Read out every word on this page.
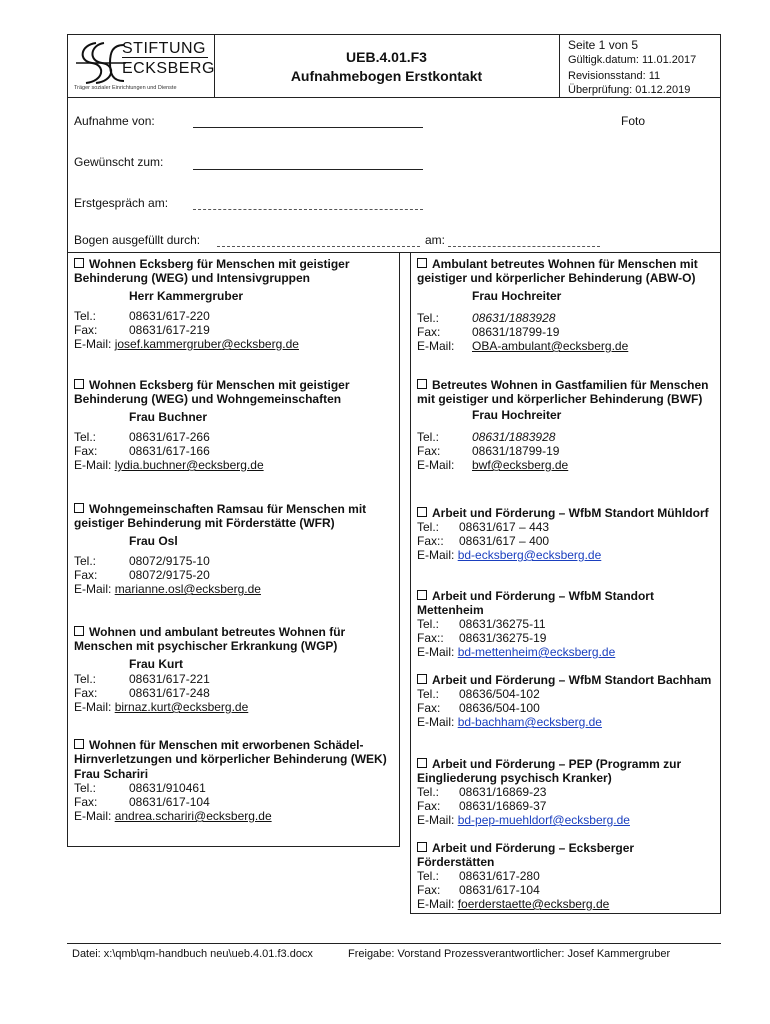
STIFTUNG
ECKSBERG
Träger sozialer Einrichtungen und Dienste
UEB.4.01.F3
Aufnahmebogen Erstkontakt
Seite 1 von 5
Gültigk.datum: 11.01.2017
Revisionsstand: 11
Überprüfung: 01.12.2019
Aufnahme von:	Foto
Gewünscht zum:
Erstgespräch am:
Bogen ausgefüllt durch:	am:
Wohnen Ecksberg für Menschen mit geistiger Behinderung (WEG) und Intensivgruppen
Herr Kammergruber
Tel.:	08631/617-220
Fax:	08631/617-219
E-Mail: josef.kammergruber@ecksberg.de
Wohnen Ecksberg für Menschen mit geistiger Behinderung (WEG) und Wohngemeinschaften
Frau Buchner
Tel.:	08631/617-266
Fax:	08631/617-166
E-Mail: lydia.buchner@ecksberg.de
Wohngemeinschaften Ramsau für Menschen mit geistiger Behinderung mit Förderstätte (WFR)
Frau Osl
Tel.:	08072/9175-10
Fax:	08072/9175-20
E-Mail: marianne.osl@ecksberg.de
Wohnen und ambulant betreutes Wohnen für Menschen mit psychischer Erkrankung (WGP)
Frau Kurt
Tel.:	08631/617-221
Fax:	08631/617-248
E-Mail: birnaz.kurt@ecksberg.de
Wohnen für Menschen mit erworbenen Schädel- Hirnverletzungen und körperlicher Behinderung (WEK)
Frau Schariri
Tel.:	08631/910461
Fax:	08631/617-104
E-Mail: andrea.schariri@ecksberg.de
Ambulant betreutes Wohnen für Menschen mit geistiger und körperlicher Behinderung (ABW-O)
Frau Hochreiter
Tel.:	08631/1883928
Fax:	08631/18799-19
E-Mail: OBA-ambulant@ecksberg.de
Betreutes Wohnen in Gastfamilien für Menschen mit geistiger und körperlicher Behinderung (BWF)
Frau Hochreiter
Tel.:	08631/1883928
Fax:	08631/18799-19
E-Mail: bwf@ecksberg.de
Arbeit und Förderung – WfbM Standort Mühldorf
Tel.: 08631/617 – 443
Fax:: 08631/617 – 400
E-Mail: bd-ecksberg@ecksberg.de
Arbeit und Förderung – WfbM Standort Mettenheim
Tel.: 08631/36275-11
Fax:: 08631/36275-19
E-Mail: bd-mettenheim@ecksberg.de
Arbeit und Förderung – WfbM Standort Bachham
Tel.: 08636/504-102
Fax: 08636/504-100
E-Mail: bd-bachham@ecksberg.de
Arbeit und Förderung – PEP (Programm zur Eingliederung psychisch Kranker)
Tel.: 08631/16869-23
Fax: 08631/16869-37
E-Mail: bd-pep-muehldorf@ecksberg.de
Arbeit und Förderung – Ecksberger Förderstätten
Tel.: 08631/617-280
Fax: 08631/617-104
E-Mail: foerderstaette@ecksberg.de
Datei: x:\qmb\qm-handbuch neu\ueb.4.01.f3.docx	Freigabe: Vorstand Prozessverantwortlicher: Josef Kammergruber
